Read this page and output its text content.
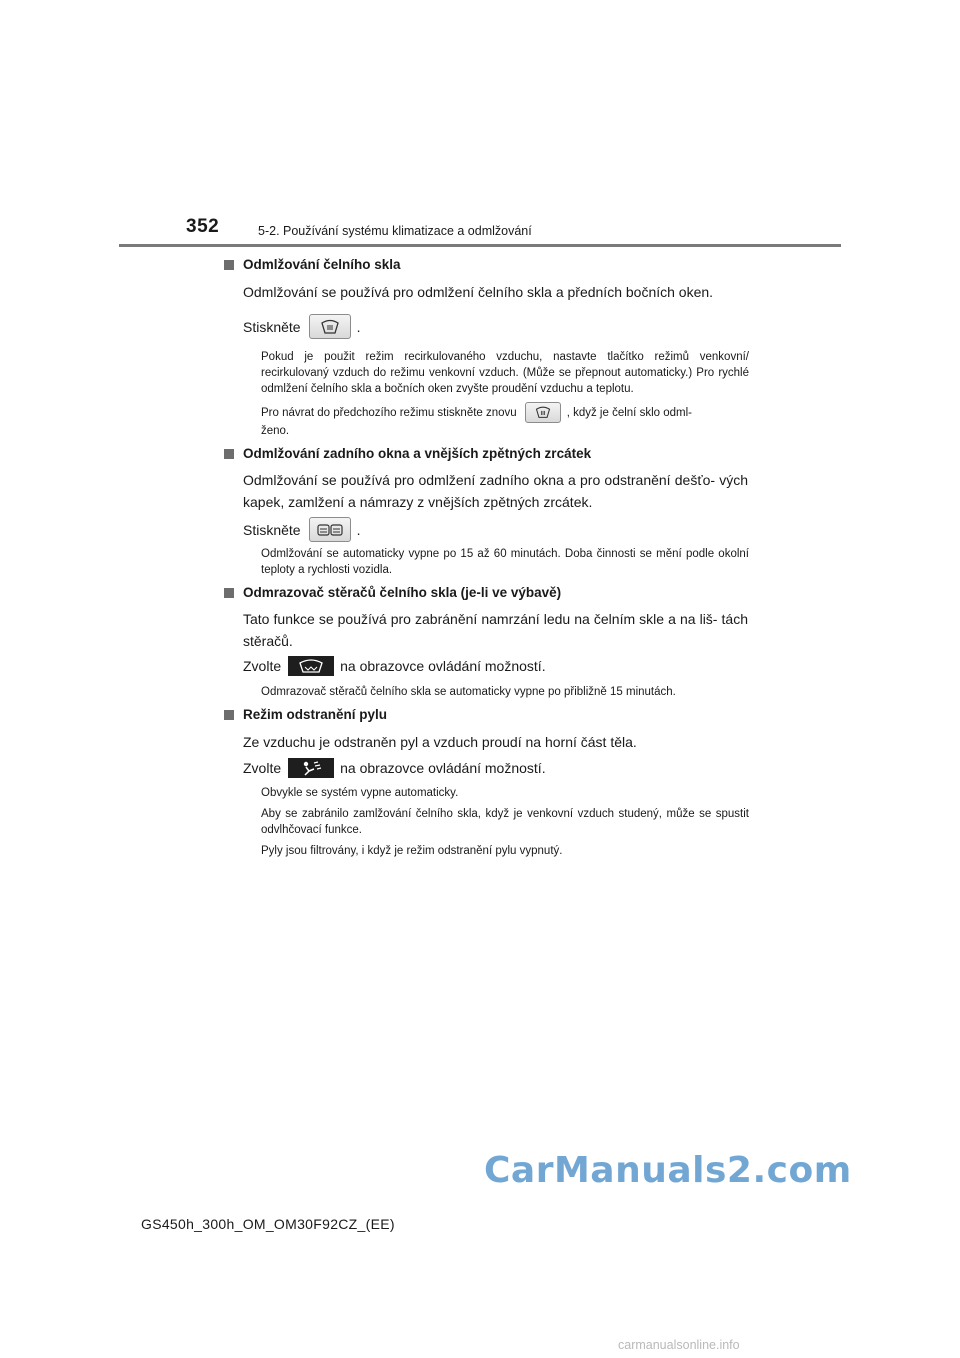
352	5-2. Používání systému klimatizace a odmlžování
Odmlžování čelního skla
Odmlžování se používá pro odmlžení čelního skla a předních bočních oken.
Stiskněte	.
Pokud je použit režim recirkulovaného vzduchu, nastavte tlačítko režimů venkovní/ recirkulovaný vzduch do režimu venkovní vzduch. (Může se přepnout automaticky.) Pro rychlé odmlžení čelního skla a bočních oken zvyšte proudění vzduchu a teplotu.
Pro návrat do předchozího režimu stiskněte znovu	, když je čelní sklo odml-
ženo.
Odmlžování zadního okna a vnějších zpětných zrcátek
Odmlžování se používá pro odmlžení zadního okna a pro odstranění dešťo- vých kapek, zamlžení a námrazy z vnějších zpětných zrcátek.
Stiskněte	.
Odmlžování se automaticky vypne po 15 až 60 minutách. Doba činnosti se mění podle okolní teploty a rychlosti vozidla.
Odmrazovač stěračů čelního skla (je-li ve výbavě)
Tato funkce se používá pro zabránění namrzání ledu na čelním skle a na liš- tách stěračů.
Zvolte	na obrazovce ovládání možností.
Odmrazovač stěračů čelního skla se automaticky vypne po přibližně 15 minutách.
Režim odstranění pylu
Ze vzduchu je odstraněn pyl a vzduch proudí na horní část těla.
Zvolte	na obrazovce ovládání možností.
Obvykle se systém vypne automaticky.
Aby se zabránilo zamlžování čelního skla, když je venkovní vzduch studený, může se spustit odvlhčovací funkce.
Pyly jsou filtrovány, i když je režim odstranění pylu vypnutý.
CarManuals2.com
GS450h_300h_OM_OM30F92CZ_(EE)
carmanualsonline.info
